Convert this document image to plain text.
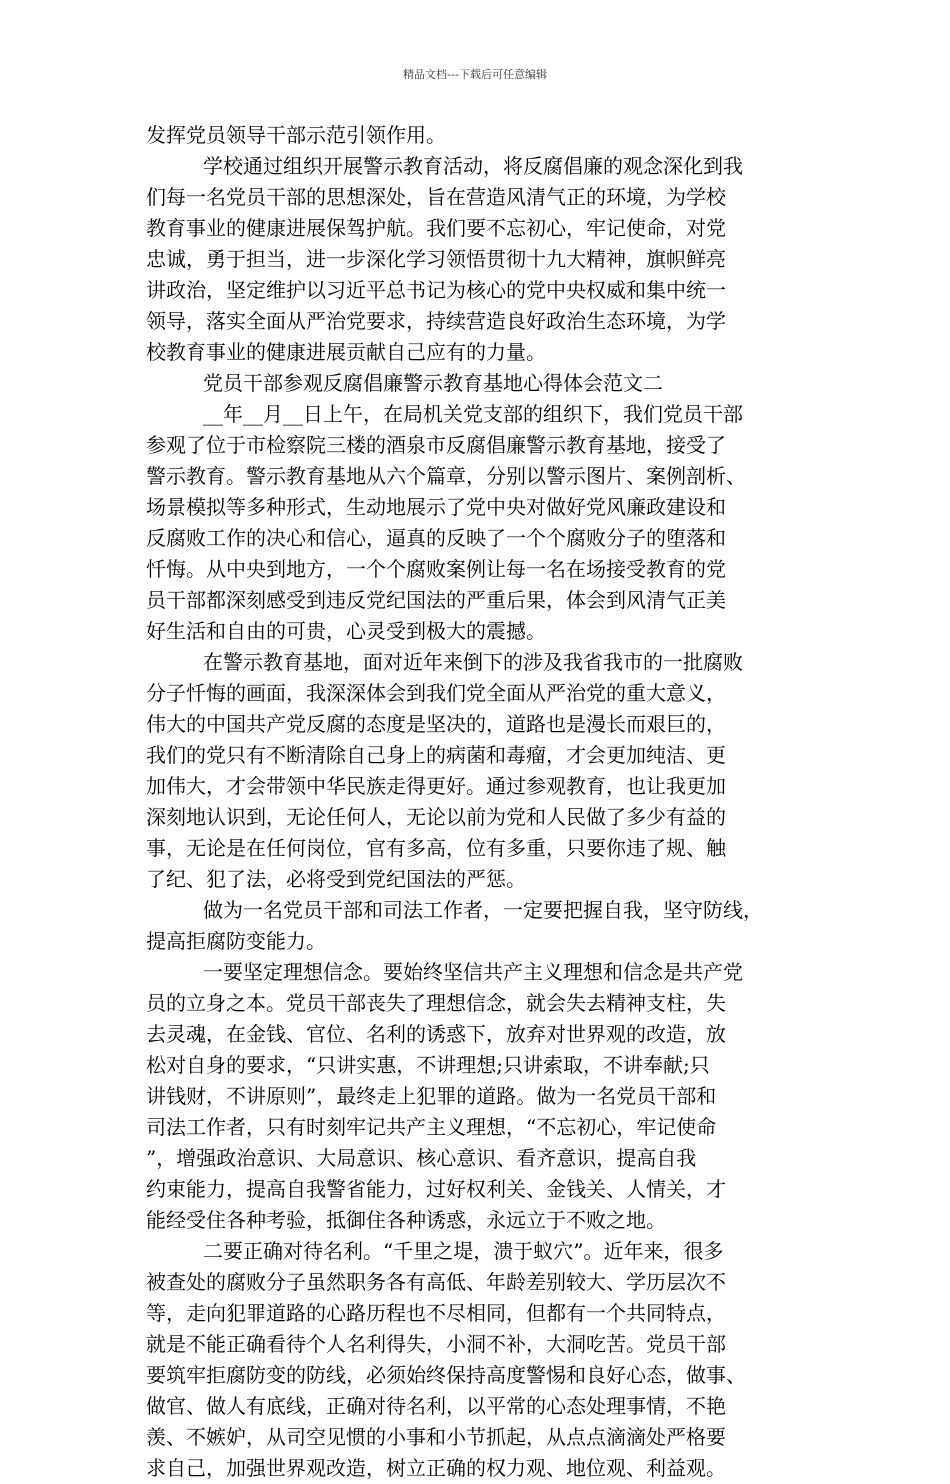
精品文档---下载后可任意编辑
发挥党员领导干部示范引领作用。
学校通过组织开展警示教育活动，将反腐倡廉的观念深化到我
们每一名党员干部的思想深处，旨在营造风清气正的环境，为学校
教育事业的健康进展保驾护航。我们要不忘初心，牢记使命，对党
忠诚，勇于担当，进一步深化学习领悟贯彻十九大精神，旗帜鲜亮
讲政治，坚定维护以习近平总书记为核心的党中央权威和集中统一
领导，落实全面从严治党要求，持续营造良好政治生态环境，为学
校教育事业的健康进展贡献自己应有的力量。
党员干部参观反腐倡廉警示教育基地心得体会范文二
__年__月__日上午，在局机关党支部的组织下，我们党员干部
参观了位于市检察院三楼的酒泉市反腐倡廉警示教育基地，接受了
警示教育。警示教育基地从六个篇章，分别以警示图片、案例剖析、
场景模拟等多种形式，生动地展示了党中央对做好党风廉政建设和
反腐败工作的决心和信心，逼真的反映了一个个腐败分子的堕落和
忏悔。从中央到地方，一个个腐败案例让每一名在场接受教育的党
员干部都深刻感受到违反党纪国法的严重后果，体会到风清气正美
好生活和自由的可贵，心灵受到极大的震撼。
在警示教育基地，面对近年来倒下的涉及我省我市的一批腐败
分子忏悔的画面，我深深体会到我们党全面从严治党的重大意义，
伟大的中国共产党反腐的态度是坚决的，道路也是漫长而艰巨的，
我们的党只有不断清除自己身上的病菌和毒瘤，才会更加纯洁、更
加伟大，才会带领中华民族走得更好。通过参观教育，也让我更加
深刻地认识到，无论任何人，无论以前为党和人民做了多少有益的
事，无论是在任何岗位，官有多高，位有多重，只要你违了规、触
了纪、犯了法，必将受到党纪国法的严惩。
做为一名党员干部和司法工作者，一定要把握自我，坚守防线，
提高拒腐防变能力。
一要坚定理想信念。要始终坚信共产主义理想和信念是共产党
员的立身之本。党员干部丧失了理想信念，就会失去精神支柱，失
去灵魂，在金钱、官位、名利的诱惑下，放弃对世界观的改造，放
松对自身的要求，“只讲实惠，不讲理想;只讲索取，不讲奉献;只
讲钱财，不讲原则”，最终走上犯罪的道路。做为一名党员干部和
司法工作者，只有时刻牢记共产主义理想，“不忘初心，牢记使命
”，增强政治意识、大局意识、核心意识、看齐意识，提高自我
约束能力，提高自我警省能力，过好权利关、金钱关、人情关，才
能经受住各种考验，抵御住各种诱惑，永远立于不败之地。
二要正确对待名利。“千里之堤，溃于蚁穴”。近年来，很多
被查处的腐败分子虽然职务各有高低、年龄差别较大、学历层次不
等，走向犯罪道路的心路历程也不尽相同，但都有一个共同特点，
就是不能正确看待个人名利得失，小洞不补，大洞吃苦。党员干部
要筑牢拒腐防变的防线，必须始终保持高度警惕和良好心态，做事、
做官、做人有底线，正确对待名利，以平常的心态处理事情，不艳
羡、不嫉妒，从司空见惯的小事和小节抓起，从点点滴滴处严格要
求自己，加强世界观改造，树立正确的权力观、地位观、利益观。
